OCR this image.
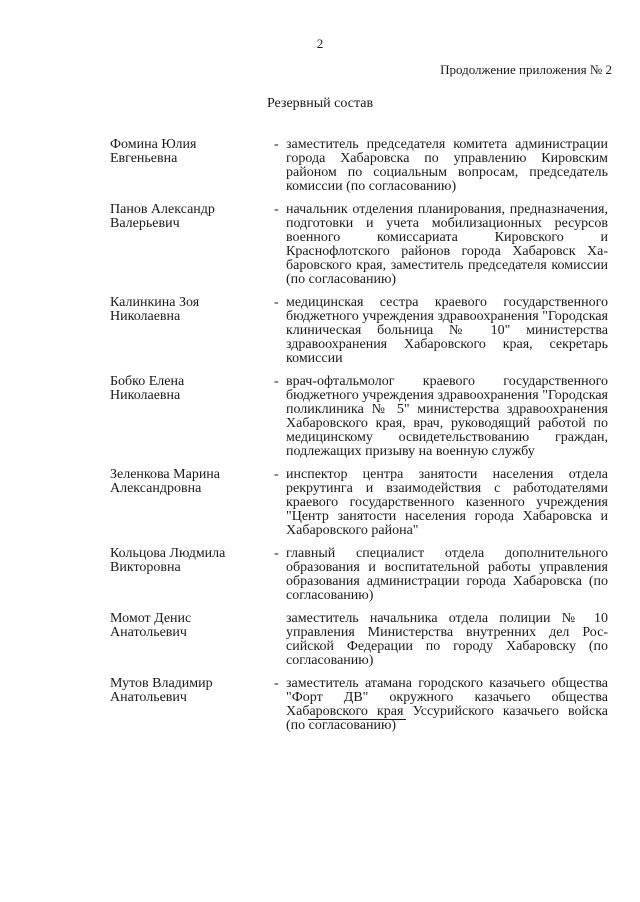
2
Продолжение приложения № 2
Резервный состав
Фомина Юлия
Евгеньевна
- заместитель председателя комитета администрации города Хабаровска по управлению Кировским районом по социальным вопросам, председатель комиссии (по согласованию)
Панов Александр
Валерьевич
- начальник отделения планирования, предназначения, подготовки и учета мобилизационных ресурсов военного комиссариата Кировского и Краснофлотского районов города Хабаровск Хабаровского края, заместитель председателя комиссии (по согласованию)
Калинкина Зоя
Николаевна
- медицинская сестра краевого государственного бюджетного учреждения здравоохранения "Городская клиническая больница № 10" министерства здравоохранения Хабаровского края, секретарь комиссии
Бобко Елена
Николаевна
- врач-офтальмолог краевого государственного бюджетного учреждения здравоохранения "Городская поликлиника № 5" министерства здравоохранения Хабаровского края, врач, руководящий работой по медицинскому освидетельствованию граждан, подлежащих призыву на военную службу
Зеленкова Марина
Александровна
- инспектор центра занятости населения отдела рекрутинга и взаимодействия с работодателями краевого государственного казенного учреждения "Центр занятости населения города Хабаровска и Хабаровского района"
Кольцова Людмила
Викторовна
- главный специалист отдела дополнительного образования и воспитательной работы управления образования администрации города Хабаровска (по согласованию)
Момот Денис
Анатольевич
заместитель начальника отдела полиции № 10 управления Министерства внутренних дел Российской Федерации по городу Хабаровску (по согласованию)
Мутов Владимир
Анатольевич
- заместитель атамана городского казачьего общества "Форт ДВ" окружного казачьего общества Хабаровского края Уссурийского казачьего войска (по согласованию)
